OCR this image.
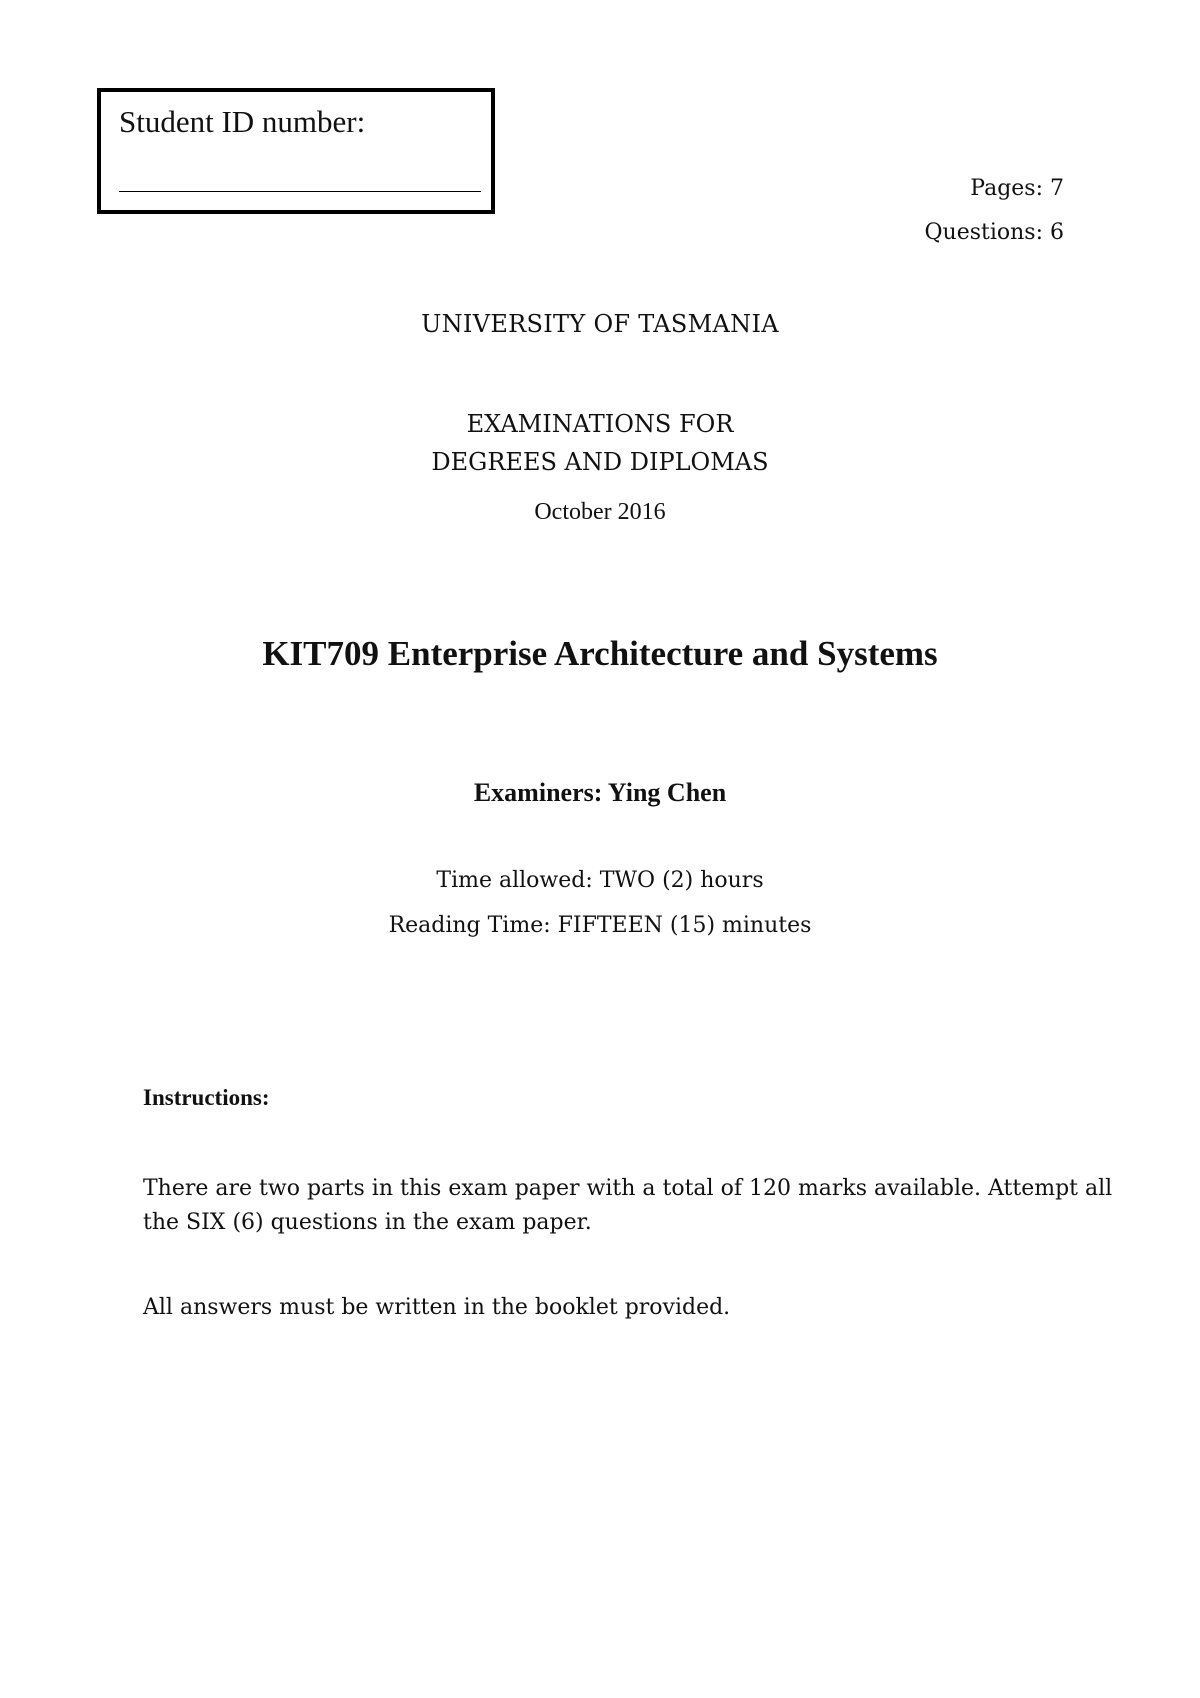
Student ID number:
Pages: 7
Questions: 6
UNIVERSITY OF TASMANIA
EXAMINATIONS FOR
DEGREES AND DIPLOMAS
October 2016
KIT709 Enterprise Architecture and Systems
Examiners: Ying Chen
Time allowed: TWO (2) hours
Reading Time: FIFTEEN (15) minutes
Instructions:
There are two parts in this exam paper with a total of 120 marks available. Attempt all
the SIX (6) questions in the exam paper.
All answers must be written in the booklet provided.
